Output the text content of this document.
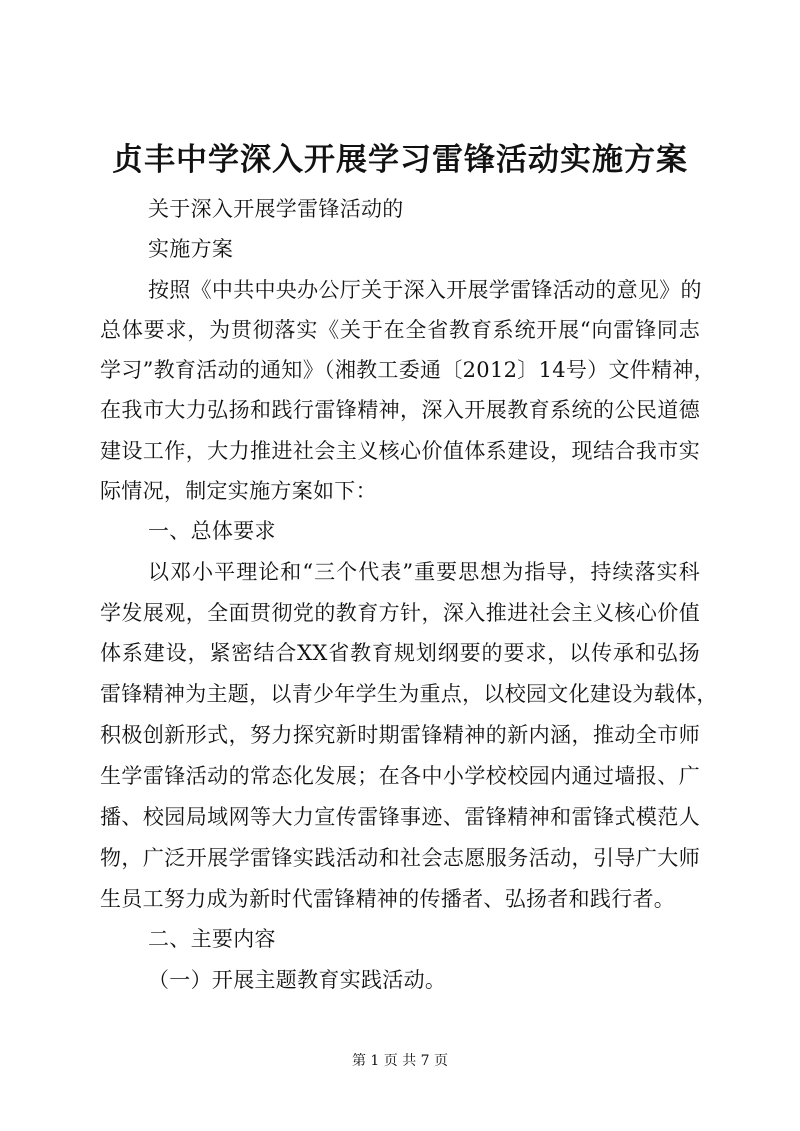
贞丰中学深入开展学习雷锋活动实施方案
关于深入开展学雷锋活动的
实施方案
按照《中共中央办公厅关于深入开展学雷锋活动的意见》的
总体要求，为贯彻落实《关于在全省教育系统开展“向雷锋同志
学习”教育活动的通知》（湘教工委通〔2012〕14号）文件精神，
在我市大力弘扬和践行雷锋精神，深入开展教育系统的公民道德
建设工作，大力推进社会主义核心价值体系建设，现结合我市实
际情况，制定实施方案如下：
一、总体要求
以邓小平理论和“三个代表”重要思想为指导，持续落实科
学发展观，全面贯彻党的教育方针，深入推进社会主义核心价值
体系建设，紧密结合XX省教育规划纲要的要求，以传承和弘扬
雷锋精神为主题，以青少年学生为重点，以校园文化建设为载体，
积极创新形式，努力探究新时期雷锋精神的新内涵，推动全市师
生学雷锋活动的常态化发展；在各中小学校校园内通过墙报、广
播、校园局域网等大力宣传雷锋事迹、雷锋精神和雷锋式模范人
物，广泛开展学雷锋实践活动和社会志愿服务活动，引导广大师
生员工努力成为新时代雷锋精神的传播者、弘扬者和践行者。
二、主要内容
（一）开展主题教育实践活动。
第 1 页 共 7 页
